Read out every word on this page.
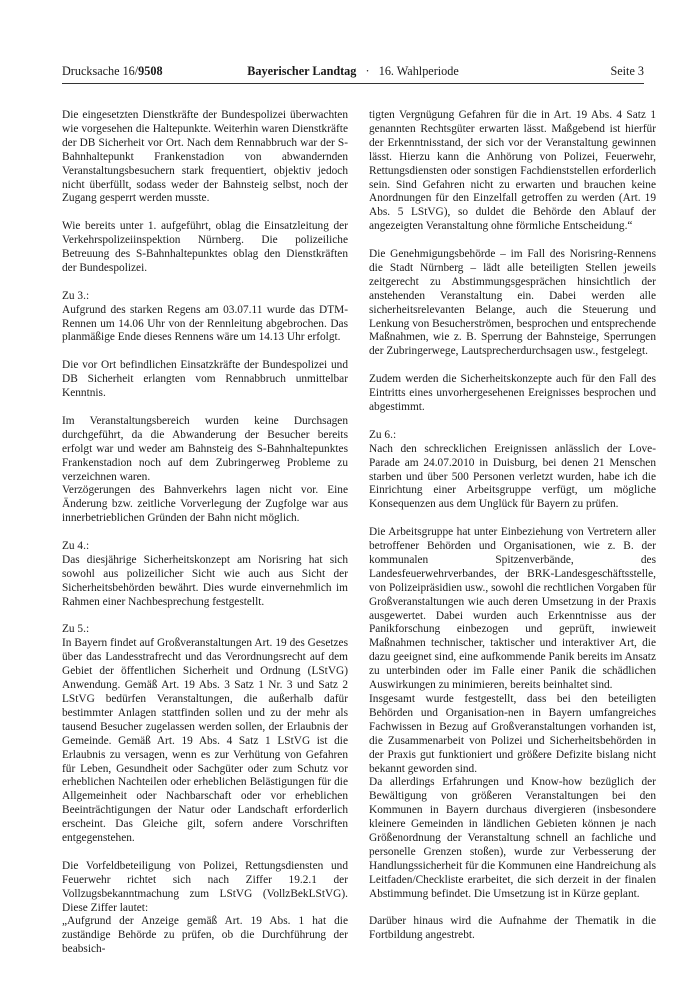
Drucksache 16/9508	Bayerischer Landtag · 16. Wahlperiode	Seite 3

Die eingesetzten Dienstkräfte der Bundespolizei überwachten wie vorgesehen die Haltepunkte. Weiterhin waren Dienstkräfte der DB Sicherheit vor Ort. Nach dem Rennabbruch war der S-Bahnhaltepunkt Frankenstadion von abwandernden Veranstaltungsbesuchern stark frequentiert, objektiv jedoch nicht überfüllt, sodass weder der Bahnsteig selbst, noch der Zugang gesperrt werden musste.

Wie bereits unter 1. aufgeführt, oblag die Einsatzleitung der Verkehrspolizeiinspektion Nürnberg. Die polizeiliche Betreuung des S-Bahnhaltepunktes oblag den Dienstkräften der Bundespolizei.

Zu 3.:

Aufgrund des starken Regens am 03.07.11 wurde das DTM-Rennen um 14.06 Uhr von der Rennleitung abgebrochen. Das planmäßige Ende dieses Rennens wäre um 14.13 Uhr erfolgt.

Die vor Ort befindlichen Einsatzkräfte der Bundespolizei und DB Sicherheit erlangten vom Rennabbruch unmittelbar Kenntnis.

Im Veranstaltungsbereich wurden keine Durchsagen durchgeführt, da die Abwanderung der Besucher bereits erfolgt war und weder am Bahnsteig des S-Bahnhaltepunktes Frankenstadion noch auf dem Zubringerweg Probleme zu verzeichnen waren.

Verzögerungen des Bahnverkehrs lagen nicht vor. Eine Änderung bzw. zeitliche Vorverlegung der Zugfolge war aus innerbetrieblichen Gründen der Bahn nicht möglich.

Zu 4.:

Das diesjährige Sicherheitskonzept am Norisring hat sich sowohl aus polizeilicher Sicht wie auch aus Sicht der Sicherheitsbehörden bewährt. Dies wurde einvernehmlich im Rahmen einer Nachbesprechung festgestellt.

Zu 5.:

In Bayern findet auf Großveranstaltungen Art. 19 des Gesetzes über das Landesstrafrecht und das Verordnungsrecht auf dem Gebiet der öffentlichen Sicherheit und Ordnung (LStVG) Anwendung. Gemäß Art. 19 Abs. 3 Satz 1 Nr. 3 und Satz 2 LStVG bedürfen Veranstaltungen, die außerhalb dafür bestimmter Anlagen stattfinden sollen und zu der mehr als tausend Besucher zugelassen werden sollen, der Erlaubnis der Gemeinde. Gemäß Art. 19 Abs. 4 Satz 1 LStVG ist die Erlaubnis zu versagen, wenn es zur Verhütung von Gefahren für Leben, Gesundheit oder Sachgüter oder zum Schutz vor erheblichen Nachteilen oder erheblichen Belästigungen für die Allgemeinheit oder Nachbarschaft oder vor erheblichen Beeinträchtigungen der Natur oder Landschaft erforderlich erscheint. Das Gleiche gilt, sofern andere Vorschriften entgegenstehen.

Die Vorfeldbeteiligung von Polizei, Rettungsdiensten und Feuerwehr richtet sich nach Ziffer 19.2.1 der Vollzugsbekanntmachung zum LStVG (VollzBekLStVG). Diese Ziffer lautet:

„Aufgrund der Anzeige gemäß Art. 19 Abs. 1 hat die zuständige Behörde zu prüfen, ob die Durchführung der beabsich-

tigten Vergnügung Gefahren für die in Art. 19 Abs. 4 Satz 1 genannten Rechtsgüter erwarten lässt. Maßgebend ist hierfür der Erkenntnisstand, der sich vor der Veranstaltung gewinnen lässt. Hierzu kann die Anhörung von Polizei, Feuerwehr, Rettungsdiensten oder sonstigen Fachdienststellen erforderlich sein. Sind Gefahren nicht zu erwarten und brauchen keine Anordnungen für den Einzelfall getroffen zu werden (Art. 19 Abs. 5 LStVG), so duldet die Behörde den Ablauf der angezeigten Veranstaltung ohne förmliche Entscheidung.“

Die Genehmigungsbehörde – im Fall des Norisring-Rennens die Stadt Nürnberg – lädt alle beteiligten Stellen jeweils zeitgerecht zu Abstimmungsgesprächen hinsichtlich der anstehenden Veranstaltung ein. Dabei werden alle sicherheitsrelevanten Belange, auch die Steuerung und Lenkung von Besucherströmen, besprochen und entsprechende Maßnahmen, wie z. B. Sperrung der Bahnsteige, Sperrungen der Zubringerwege, Lautsprecherdurchsagen usw., festgelegt.

Zudem werden die Sicherheitskonzepte auch für den Fall des Eintritts eines unvorhergesehenen Ereignisses besprochen und abgestimmt.

Zu 6.:

Nach den schrecklichen Ereignissen anlässlich der Love-Parade am 24.07.2010 in Duisburg, bei denen 21 Menschen starben und über 500 Personen verletzt wurden, habe ich die Einrichtung einer Arbeitsgruppe verfügt, um mögliche Konsequenzen aus dem Unglück für Bayern zu prüfen.

Die Arbeitsgruppe hat unter Einbeziehung von Vertretern aller betroffener Behörden und Organisationen, wie z. B. der kommunalen Spitzenverbände, des Landesfeuerwehrverbandes, der BRK-Landesgeschäftsstelle, von Polizeipräsidien usw., sowohl die rechtlichen Vorgaben für Großveranstaltungen wie auch deren Umsetzung in der Praxis ausgewertet. Dabei wurden auch Erkenntnisse aus der Panikforschung einbezogen und geprüft, inwieweit Maßnahmen technischer, taktischer und interaktiver Art, die dazu geeignet sind, eine aufkommende Panik bereits im Ansatz zu unterbinden oder im Falle einer Panik die schädlichen Auswirkungen zu minimieren, bereits beinhaltet sind.

Insgesamt wurde festgestellt, dass bei den beteiligten Behörden und Organisation-nen in Bayern umfangreiches Fachwissen in Bezug auf Großveranstaltungen vorhanden ist, die Zusammenarbeit von Polizei und Sicherheitsbehörden in der Praxis gut funktioniert und größere Defizite bislang nicht bekannt geworden sind.

Da allerdings Erfahrungen und Know-how bezüglich der Bewältigung von größeren Veranstaltungen bei den Kommunen in Bayern durchaus divergieren (insbesondere kleinere Gemeinden in ländlichen Gebieten können je nach Größenordnung der Veranstaltung schnell an fachliche und personelle Grenzen stoßen), wurde zur Verbesserung der Handlungssicherheit für die Kommunen eine Handreichung als Leitfaden/Checkliste erarbeitet, die sich derzeit in der finalen Abstimmung befindet. Die Umsetzung ist in Kürze geplant.

Darüber hinaus wird die Aufnahme der Thematik in die Fortbildung angestrebt.
